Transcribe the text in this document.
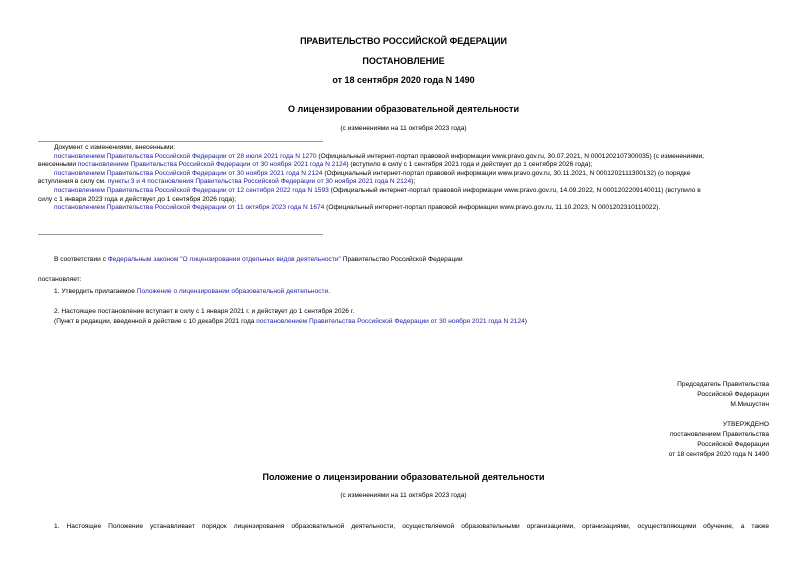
ПРАВИТЕЛЬСТВО РОССИЙСКОЙ ФЕДЕРАЦИИ
ПОСТАНОВЛЕНИЕ
от 18 сентября 2020 года N 1490
О лицензировании образовательной деятельности
(с изменениями на 11 октября 2023 года)

Документ с изменениями, внесенными:

постановлением Правительства Российской Федерации от 28 июля 2021 года N 1270 (Официальный интернет-портал правовой информации www.pravo.gov.ru, 30.07.2021, N 0001202107300035) (с изменениями,

внесенными постановлением Правительства Российской Федерации от 30 ноября 2021 года N 2124) (вступило в силу с 1 сентября 2021 года и действует до 1 сентября 2026 года);

постановлением Правительства Российской Федерации от 30 ноября 2021 года N 2124 (Официальный интернет-портал правовой информации www.pravo.gov.ru, 30.11.2021, N 0001202111300132) (о порядке

вступления в силу см. пункты 3 и 4 постановления Правительства Российской Федерации от 30 ноября 2021 года N 2124);

постановлением Правительства Российской Федерации от 12 сентября 2022 года N 1593 (Официальный интернет-портал правовой информации www.pravo.gov.ru, 14.09.2022, N 0001202209140011) (вступило в

силу с 1 января 2023 года и действует до 1 сентября 2026 года);

постановлением Правительства Российской Федерации от 11 октября 2023 года N 1674 (Официальный интернет-портал правовой информации www.pravo.gov.ru, 11.10.2023, N 0001202310110022).

В соответствии с Федеральным законом "О лицензировании отдельных видов деятельности" Правительство Российской Федерации
постановляет:
1. Утвердить прилагаемое Положение о лицензировании образовательной деятельности.
2. Настоящее постановление вступает в силу с 1 января 2021 г. и действует до 1 сентября 2026 г.
(Пункт в редакции, введенной в действие с 10 декабря 2021 года постановлением Правительства Российской Федерации от 30 ноября 2021 года N 2124)
Председатель Правительства
Российской Федерации
М.Мишустин
УТВЕРЖДЕНО
постановлением Правительства
Российской Федерации
от 18 сентября 2020 года N 1490
Положение о лицензировании образовательной деятельности
(с изменениями на 11 октября 2023 года)
1. Настоящее Положение устанавливает порядок лицензирования образовательной деятельности, осуществляемой образовательными организациями, организациями, осуществляющими обучение, а также
